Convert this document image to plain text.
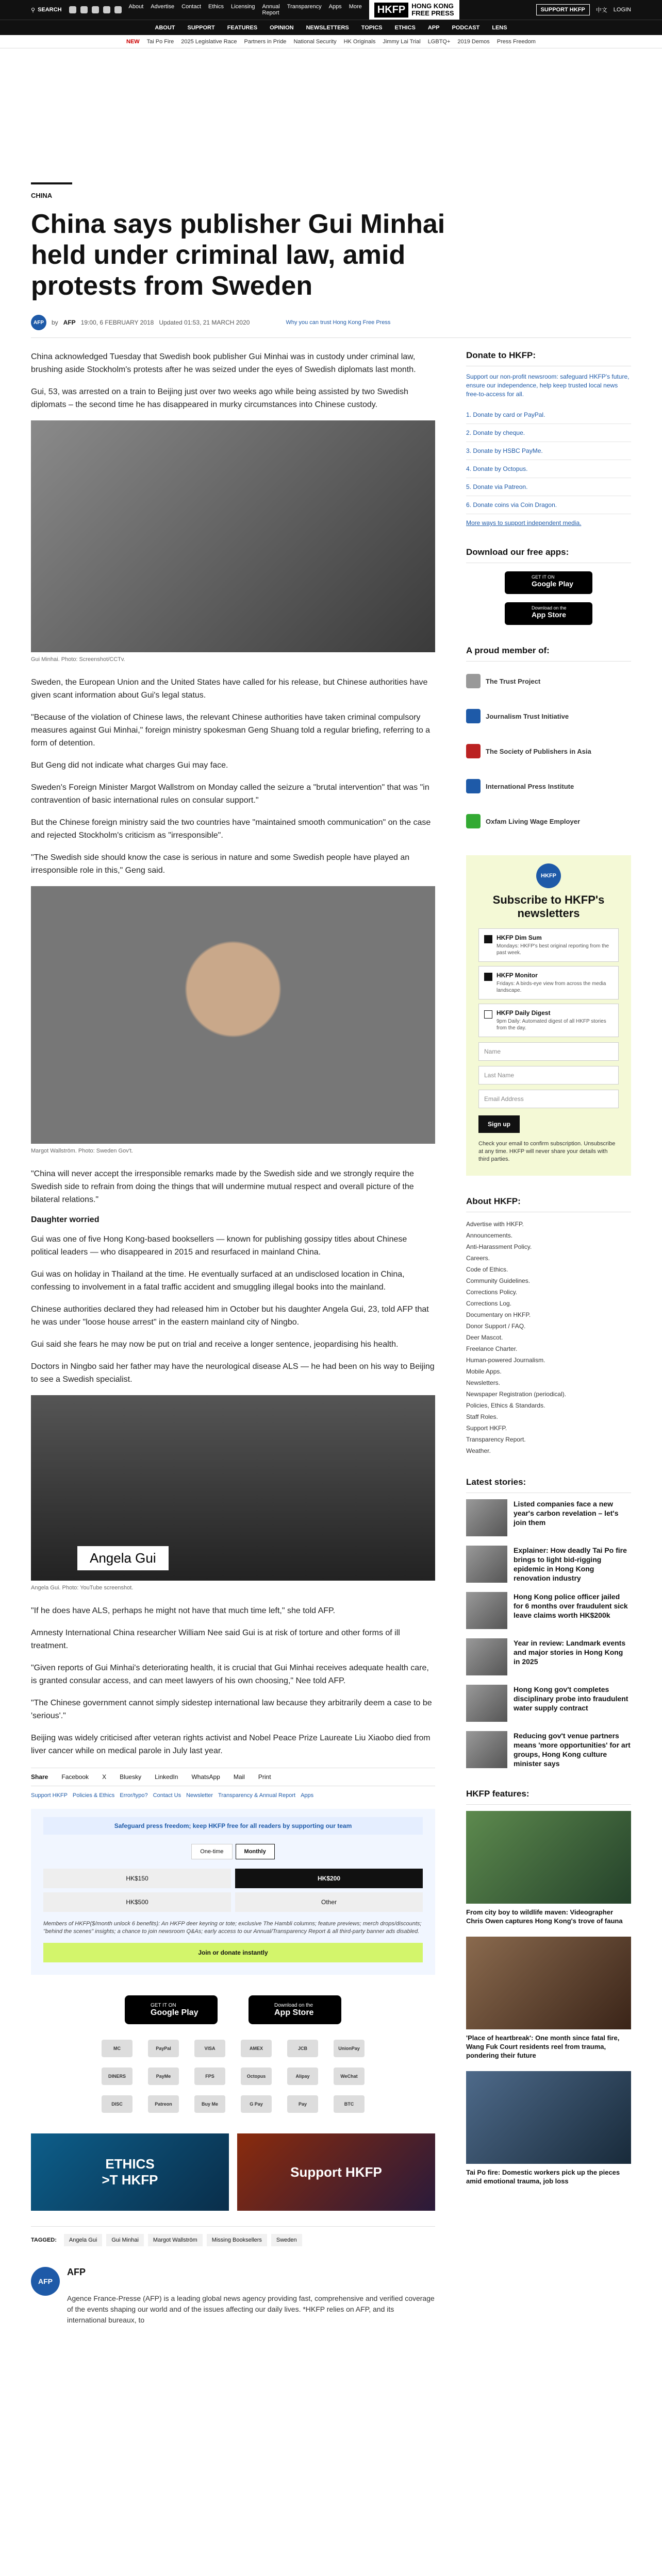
⚲ SEARCH	About Advertise Contact Ethics Licensing Annual Report
Transparency Apps More	HKFP HONG KONG
FREE PRESS	SUPPORT HKFP	中文 LOGIN
ABOUT SUPPORT FEATURES OPINION NEWSLETTERS TOPICS ETHICS APP PODCAST LENS
NEW Tai Po Fire 2025 Legislative Race Partners in Pride National Security HK Originals Jimmy Lai Trial LGBTQ+ 2019 Demos Press Freedom
CHINA
China says publisher Gui Minhai held under criminal law, amid protests from Sweden
AFP	by AFP 19:00, 6 FEBRUARY 2018 Updated 01:53, 21 MARCH 2020	Why you can trust Hong Kong Free Press

China acknowledged Tuesday that Swedish book publisher Gui Minhai was in custody under criminal law, brushing aside Stockholm's protests after he was seized under the eyes of Swedish diplomats last month.

Gui, 53, was arrested on a train to Beijing just over two weeks ago while being assisted by two Swedish diplomats – the second time he has disappeared in murky circumstances into Chinese custody.

Gui Minhai. Photo: Screenshot/CCTv.

Sweden, the European Union and the United States have called for his release, but Chinese authorities have given scant information about Gui's legal status.

"Because of the violation of Chinese laws, the relevant Chinese authorities have taken criminal compulsory measures against Gui Minhai," foreign ministry spokesman Geng Shuang told a regular briefing, referring to a form of detention.

But Geng did not indicate what charges Gui may face.

Sweden's Foreign Minister Margot Wallstrom on Monday called the seizure a "brutal intervention" that was "in contravention of basic international rules on consular support."

But the Chinese foreign ministry said the two countries have "maintained smooth communication" on the case and rejected Stockholm's criticism as "irresponsible".

"The Swedish side should know the case is serious in nature and some Swedish people have played an irresponsible role in this," Geng said.

Margot Wallström. Photo: Sweden Gov't.

"China will never accept the irresponsible remarks made by the Swedish side and we strongly require the Swedish side to refrain from doing the things that will undermine mutual respect and overall picture of the bilateral relations."

Daughter worried

Gui was one of five Hong Kong-based booksellers — known for publishing gossipy titles about Chinese political leaders — who disappeared in 2015 and resurfaced in mainland China.

Gui was on holiday in Thailand at the time. He eventually surfaced at an undisclosed location in China, confessing to involvement in a fatal traffic accident and smuggling illegal books into the mainland.

Chinese authorities declared they had released him in October but his daughter Angela Gui, 23, told AFP that he was under "loose house arrest" in the eastern mainland city of Ningbo.

Gui said she fears he may now be put on trial and receive a longer sentence, jeopardising his health.

Doctors in Ningbo said her father may have the neurological disease ALS — he had been on his way to Beijing to see a Swedish specialist.

Angela Gui
Angela Gui. Photo: YouTube screenshot.

"If he does have ALS, perhaps he might not have that much time left," she told AFP.

Amnesty International China researcher William Nee said Gui is at risk of torture and other forms of ill treatment.

"Given reports of Gui Minhai's deteriorating health, it is crucial that Gui Minhai receives adequate health care, is granted consular access, and can meet lawyers of his own choosing," Nee told AFP.

"The Chinese government cannot simply sidestep international law because they arbitrarily deem a case to be 'serious'."

Beijing was widely criticised after veteran rights activist and Nobel Peace Prize Laureate Liu Xiaobo died from liver cancer while on medical parole in July last year.

Share Facebook X Bluesky LinkedIn WhatsApp Mail Print
Support HKFP Policies & Ethics Error/typo? Contact Us Newsletter Transparency & Annual Report Apps
Safeguard press freedom; keep HKFP free for all readers by supporting our team
One-time	Monthly
HK$150	HK$200
HK$500	Other
Members of HKFP($/month unlock 6 benefits): An HKFP deer keyring or tote; exclusive The Hambli columns; feature previews; merch drops/discounts; "behind the scenes" insights; a chance to join newsroom Q&As; early access to our Annual/Transparency Report & all third-party banner ads disabled.
Join or donate instantly
GET IT ON
Google Play
Download on the
App Store
MC	PayPal	VISA	AMEX	JCB	UnionPay
DINERS	PayMe	FPS	Octopus	Alipay	WeChat
DISC	Patreon	Buy Me	G Pay	Pay	BTC
ETHICS
>T HKFP
Support HKFP
TAGGED:	Angela Gui	Gui Minhai	Margot Wallström	Missing Booksellers	Sweden
AFP
AFP
Agence France-Presse (AFP) is a leading global news agency providing fast, comprehensive and verified coverage of the events shaping our world and of the issues affecting our daily lives. *HKFP relies on AFP, and its international bureaux, to
Donate to HKFP:
Support our non-profit newsroom: safeguard HKFP's future, ensure our independence, help keep trusted local news free-to-access for all.
1. Donate by card or PayPal.
2. Donate by cheque.
3. Donate by HSBC PayMe.
4. Donate by Octopus.
5. Donate via Patreon.
6. Donate coins via Coin Dragon.
More ways to support independent media.
Download our free apps:
GET IT ON
Google Play
Download on the
App Store
A proud member of:
The Trust Project
Journalism Trust Initiative
The Society of Publishers in Asia
International Press Institute
Oxfam Living Wage Employer
HKFP
Subscribe to HKFP's newsletters
HKFP Dim Sum
Mondays: HKFP's best original reporting from the past week.
HKFP Monitor
Fridays: A birds-eye view from across the media landscape.
HKFP Daily Digest
9pm Daily: Automated digest of all HKFP stories from the day.
Name
Last Name
Email Address
Sign up
Check your email to confirm subscription. Unsubscribe at any time. HKFP will never share your details with third parties.
About HKFP:
Advertise with HKFP.
Announcements.
Anti-Harassment Policy.
Careers.
Code of Ethics.
Community Guidelines.
Corrections Policy.
Corrections Log.
Documentary on HKFP.
Donor Support / FAQ.
Deer Mascot.
Freelance Charter.
Human-powered Journalism.
Mobile Apps.
Newsletters.
Newspaper Registration (periodical).
Policies, Ethics & Standards.
Staff Roles.
Support HKFP.
Transparency Report.
Weather.
Latest stories:
Listed companies face a new year's carbon revelation – let's join them
Explainer: How deadly Tai Po fire brings to light bid-rigging epidemic in Hong Kong renovation industry
Hong Kong police officer jailed for 6 months over fraudulent sick leave claims worth HK$200k
Year in review: Landmark events and major stories in Hong Kong in 2025
Hong Kong gov't completes disciplinary probe into fraudulent water supply contract
Reducing gov't venue partners means 'more opportunities' for art groups, Hong Kong culture minister says
HKFP features:
From city boy to wildlife maven: Videographer Chris Owen captures Hong Kong's trove of fauna
'Place of heartbreak': One month since fatal fire, Wang Fuk Court residents reel from trauma, pondering their future
Tai Po fire: Domestic workers pick up the pieces amid emotional trauma, job loss
